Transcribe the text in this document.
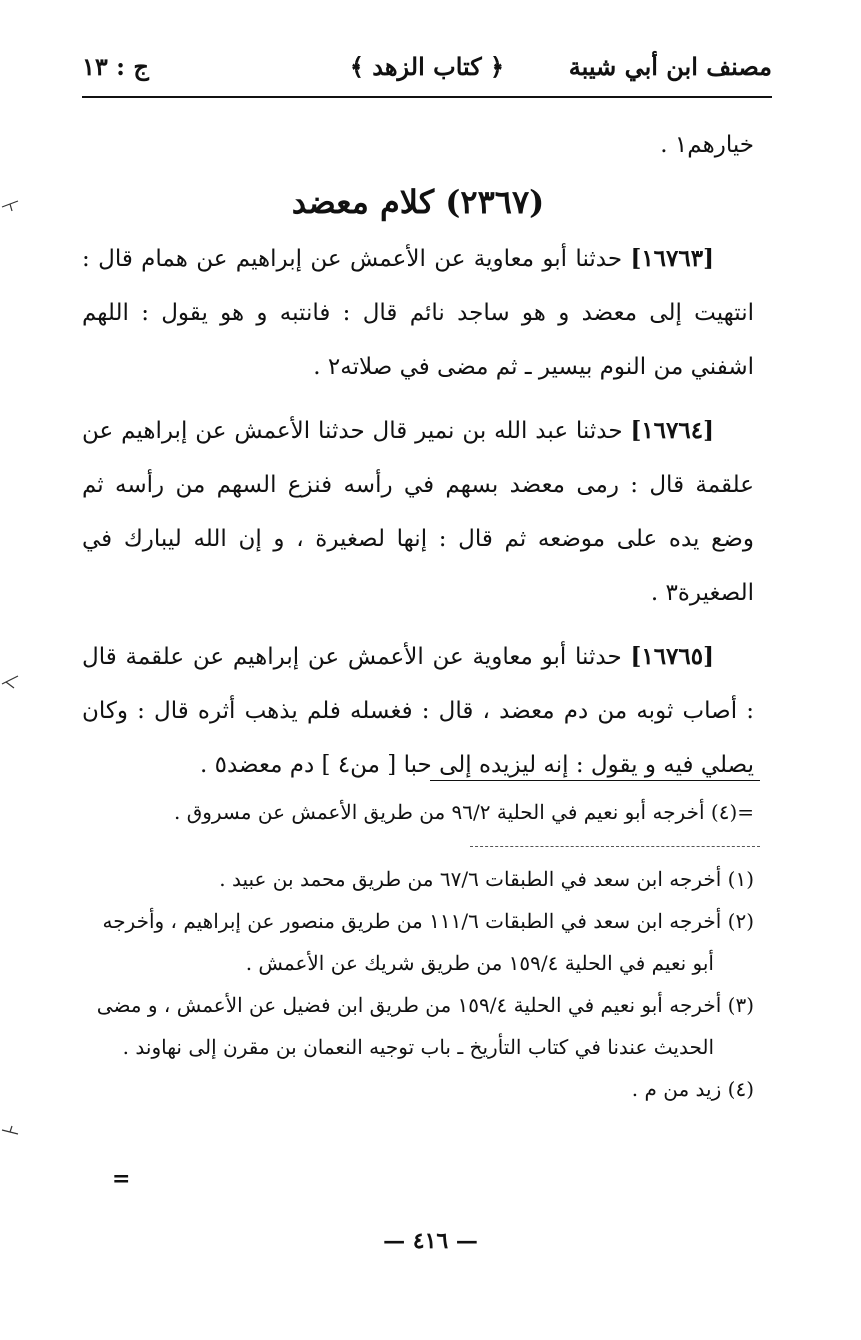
مصنف ابن أبي شيبة
﴿ كتاب الزهد ﴾
ج : ١٣

خيارهم١ .

(٢٣٦٧) كلام معضد

[١٦٧٦٣] حدثنا أبو معاوية عن الأعمش عن إبراهيم عن همام قال : انتهيت إلى معضد و هو ساجد نائم قال : فانتبه و هو يقول : اللهم اشفني من النوم بيسير ـ ثم مضى في صلاته٢ .

[١٦٧٦٤] حدثنا عبد الله بن نمير قال حدثنا الأعمش عن إبراهيم عن علقمة قال : رمى معضد بسهم في رأسه فنزع السهم من رأسه ثم وضع يده على موضعه ثم قال : إنها لصغيرة ، و إن الله ليبارك في الصغيرة٣ .

[١٦٧٦٥] حدثنا أبو معاوية عن الأعمش عن إبراهيم عن علقمة قال : أصاب ثوبه من دم معضد ، قال : فغسله فلم يذهب أثره قال : وكان يصلي فيه و يقول : إنه ليزيده إلى حبا [ من٤ ] دم معضد٥ .

=(٤) أخرجه أبو نعيم في الحلية ٩٦/٢ من طريق الأعمش عن مسروق .

(١) أخرجه ابن سعد في الطبقات ٦٧/٦ من طريق محمد بن عبيد .

(٢) أخرجه ابن سعد في الطبقات ١١١/٦ من طريق منصور عن إبراهيم ، وأخرجه أبو نعيم في الحلية ١٥٩/٤ من طريق شريك عن الأعمش .

(٣) أخرجه أبو نعيم في الحلية ١٥٩/٤ من طريق ابن فضيل عن الأعمش ، و مضى الحديث عندنا في كتاب التأريخ ـ باب توجيه النعمان بن مقرن إلى نهاوند .

(٤) زيد من م .

=
— ٤١٦ —
